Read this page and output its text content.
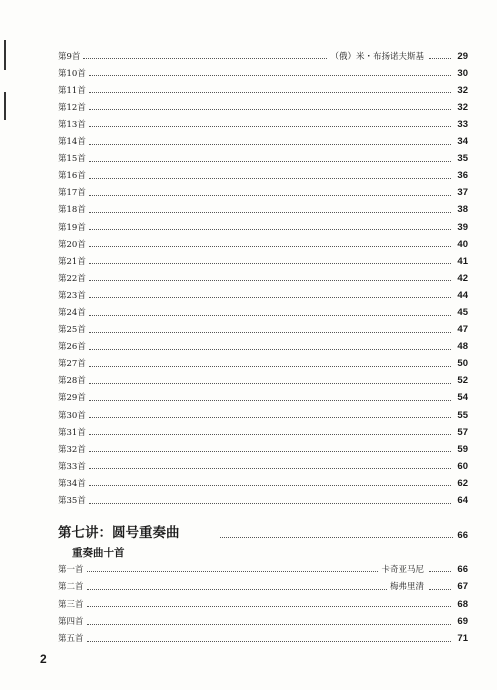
第9首	（俄）米・布扬诺夫斯基	29
第10首	30
第11首	32
第12首	32
第13首	33
第14首	34
第15首	35
第16首	36
第17首	37
第18首	38
第19首	39
第20首	40
第21首	41
第22首	42
第23首	44
第24首	45
第25首	47
第26首	48
第27首	50
第28首	52
第29首	54
第30首	55
第31首	57
第32首	59
第33首	60
第34首	62
第35首	64
第七讲：圆号重奏曲	66
重奏曲十首
第一首	卡奇亚马尼	66
第二首	梅弗里清	67
第三首	68
第四首	69
第五首	71
2
